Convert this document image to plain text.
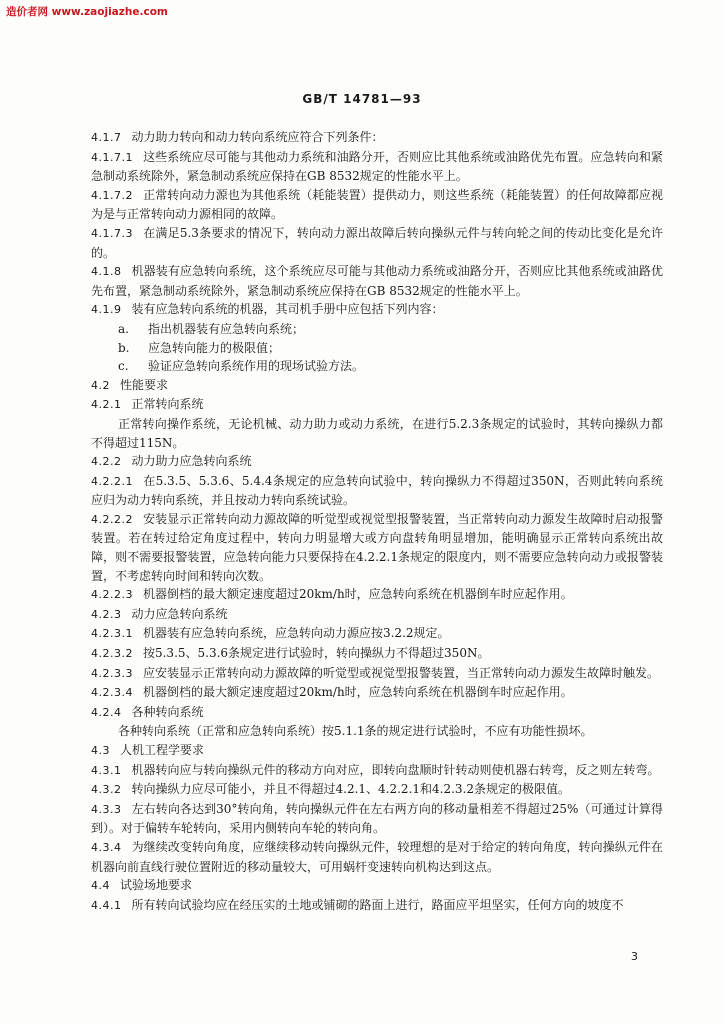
造价者网 www.zaojiazhe.com
GB/T 14781—93

4.1.7 动力助力转向和动力转向系统应符合下列条件：

4.1.7.1 这些系统应尽可能与其他动力系统和油路分开，否则应比其他系统或油路优先布置。应急转向和紧急制动系统除外，紧急制动系统应保持在GB 8532规定的性能水平上。

4.1.7.2 正常转向动力源也为其他系统（耗能装置）提供动力，则这些系统（耗能装置）的任何故障都应视为是与正常转向动力源相同的故障。

4.1.7.3 在满足5.3条要求的情况下，转向动力源出故障后转向操纵元件与转向轮之间的传动比变化是允许的。

4.1.8 机器装有应急转向系统，这个系统应尽可能与其他动力系统或油路分开，否则应比其他系统或油路优先布置，紧急制动系统除外，紧急制动系统应保持在GB 8532规定的性能水平上。

4.1.9 装有应急转向系统的机器，其司机手册中应包括下列内容：

a. 指出机器装有应急转向系统；

b. 应急转向能力的极限值；

c. 验证应急转向系统作用的现场试验方法。

4.2 性能要求

4.2.1 正常转向系统

正常转向操作系统，无论机械、动力助力或动力系统，在进行5.2.3条规定的试验时，其转向操纵力都不得超过115N。

4.2.2 动力助力应急转向系统

4.2.2.1 在5.3.5、5.3.6、5.4.4条规定的应急转向试验中，转向操纵力不得超过350N，否则此转向系统应归为动力转向系统，并且按动力转向系统试验。

4.2.2.2 安装显示正常转向动力源故障的听觉型或视觉型报警装置，当正常转向动力源发生故障时启动报警装置。若在转过给定角度过程中，转向力明显增大或方向盘转角明显增加，能明确显示正常转向系统出故障，则不需要报警装置，应急转向能力只要保持在4.2.2.1条规定的限度内，则不需要应急转向动力或报警装置，不考虑转向时间和转向次数。

4.2.2.3 机器倒档的最大额定速度超过20km/h时，应急转向系统在机器倒车时应起作用。

4.2.3 动力应急转向系统

4.2.3.1 机器装有应急转向系统，应急转向动力源应按3.2.2规定。

4.2.3.2 按5.3.5、5.3.6条规定进行试验时，转向操纵力不得超过350N。

4.2.3.3 应安装显示正常转向动力源故障的听觉型或视觉型报警装置，当正常转向动力源发生故障时触发。

4.2.3.4 机器倒档的最大额定速度超过20km/h时，应急转向系统在机器倒车时应起作用。

4.2.4 各种转向系统

各种转向系统（正常和应急转向系统）按5.1.1条的规定进行试验时，不应有功能性损坏。

4.3 人机工程学要求

4.3.1 机器转向应与转向操纵元件的移动方向对应，即转向盘顺时针转动则使机器右转弯，反之则左转弯。

4.3.2 转向操纵力应尽可能小，并且不得超过4.2.1、4.2.2.1和4.2.3.2条规定的极限值。

4.3.3 左右转向各达到30°转向角，转向操纵元件在左右两方向的移动量相差不得超过25%（可通过计算得到）。对于偏转车轮转向，采用内侧转向车轮的转向角。

4.3.4 为继续改变转向角度，应继续移动转向操纵元件，较理想的是对于给定的转向角度，转向操纵元件在机器向前直线行驶位置附近的移动量较大，可用蜗杆变速转向机构达到这点。

4.4 试验场地要求

4.4.1 所有转向试验均应在经压实的土地或铺砌的路面上进行，路面应平坦坚实，任何方向的坡度不

3
